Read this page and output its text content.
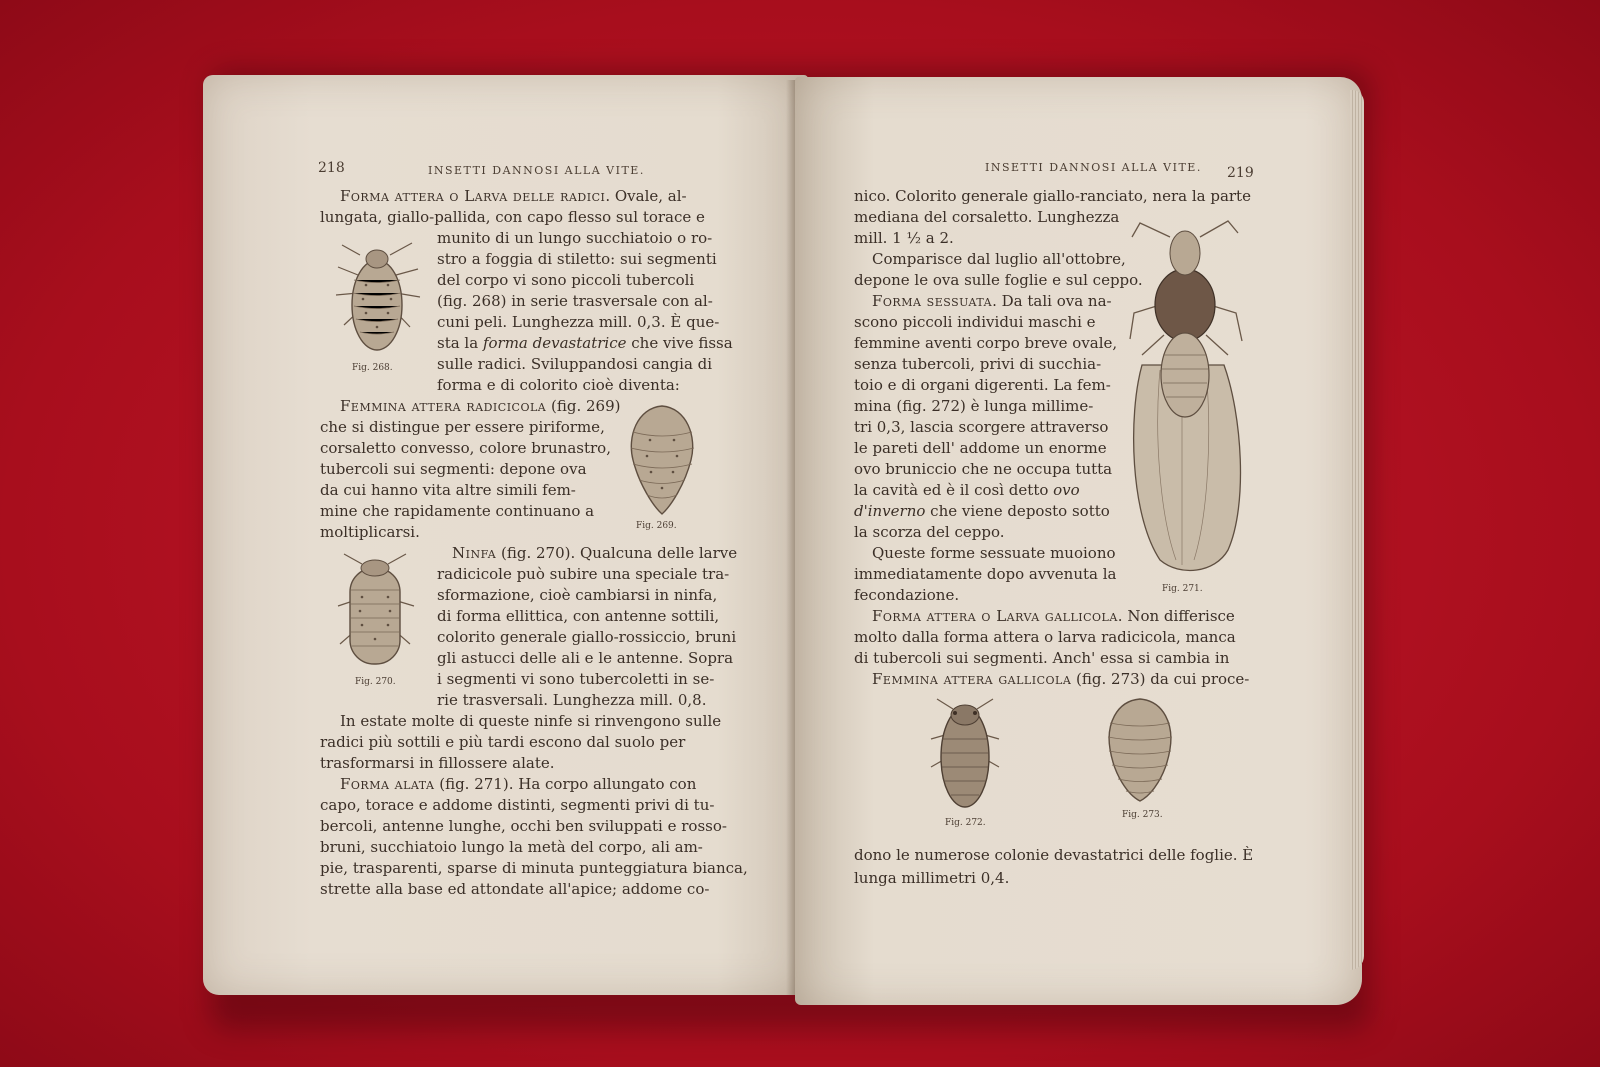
218	INSETTI DANNOSI ALLA VITE.
Forma attera o Larva delle radici. Ovale, al-
lungata, giallo-pallida, con capo flesso sul torace e
munito di un lungo succhiatoio o ro-
stro a foggia di stiletto: sui segmenti
del corpo vi sono piccoli tubercoli
(fig. 268) in serie trasversale con al-
cuni peli. Lunghezza mill. 0,3. È que-
sta la forma devastatrice che vive fissa
sulle radici. Sviluppandosi cangia di
forma e di colorito cioè diventa:
Femmina attera radicicola (fig. 269)
che si distingue per essere piriforme,
corsaletto convesso, colore brunastro,
tubercoli sui segmenti: depone ova
da cui hanno vita altre simili fem-
mine che rapidamente continuano a
moltiplicarsi.
Ninfa (fig. 270). Qualcuna delle larve
radicicole può subire una speciale tra-
sformazione, cioè cambiarsi in ninfa,
di forma ellittica, con antenne sottili,
colorito generale giallo-rossiccio, bruni
gli astucci delle ali e le antenne. Sopra
i segmenti vi sono tubercoletti in se-
rie trasversali. Lunghezza mill. 0,8.
In estate molte di queste ninfe si rinvengono sulle
radici più sottili e più tardi escono dal suolo per
trasformarsi in fillossere alate.
Forma alata (fig. 271). Ha corpo allungato con
capo, torace e addome distinti, segmenti privi di tu-
bercoli, antenne lunghe, occhi ben sviluppati e rosso-
bruni, succhiatoio lungo la metà del corpo, ali am-
pie, trasparenti, sparse di minuta punteggiatura bianca,
strette alla base ed attondate all'apice; addome co-
Fig. 268.
Fig. 269.
Fig. 270.
INSETTI DANNOSI ALLA VITE. 219
nico. Colorito generale giallo-ranciato, nera la parte
mediana del corsaletto. Lunghezza
mill. 1 ½ a 2.
Comparisce dal luglio all'ottobre,
depone le ova sulle foglie e sul ceppo.
Forma sessuata. Da tali ova na-
scono piccoli individui maschi e
femmine aventi corpo breve ovale,
senza tubercoli, privi di succhia-
toio e di organi digerenti. La fem-
mina (fig. 272) è lunga millime-
tri 0,3, lascia scorgere attraverso
le pareti dell' addome un enorme
ovo bruniccio che ne occupa tutta
la cavità ed è il così detto ovo
d'inverno che viene deposto sotto
la scorza del ceppo.
Queste forme sessuate muoiono
immediatamente dopo avvenuta la
fecondazione.
Forma attera o Larva gallicola. Non differisce
molto dalla forma attera o larva radicicola, manca
di tubercoli sui segmenti. Anch' essa si cambia in
Femmina attera gallicola (fig. 273) da cui proce-
dono le numerose colonie devastatrici delle foglie. È
lunga millimetri 0,4.
Fig. 271.
Fig. 272.
Fig. 273.
